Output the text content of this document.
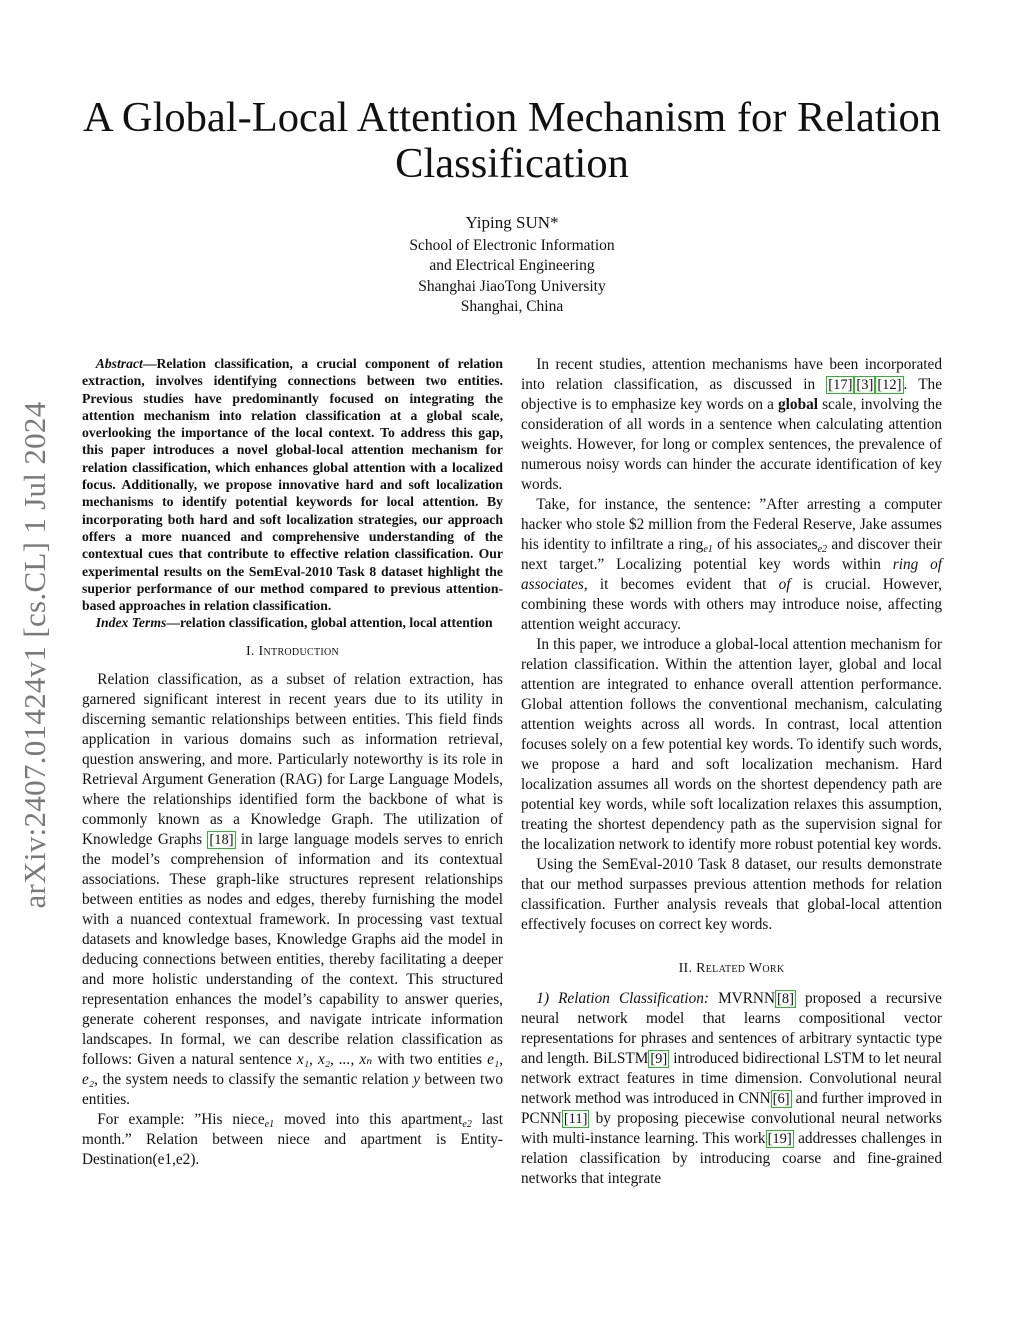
arXiv:2407.01424v1 [cs.CL] 1 Jul 2024
A Global-Local Attention Mechanism for Relation
Classification
Yiping SUN*
School of Electronic Information
and Electrical Engineering
Shanghai JiaoTong University
Shanghai, China

Abstract—Relation classification, a crucial component of relation extraction, involves identifying connections between two entities. Previous studies have predominantly focused on integrating the attention mechanism into relation classification at a global scale, overlooking the importance of the local context. To address this gap, this paper introduces a novel global-local attention mechanism for relation classification, which enhances global attention with a localized focus. Additionally, we propose innovative hard and soft localization mechanisms to identify potential keywords for local attention. By incorporating both hard and soft localization strategies, our approach offers a more nuanced and comprehensive understanding of the contextual cues that contribute to effective relation classification. Our experimental results on the SemEval-2010 Task 8 dataset highlight the superior performance of our method compared to previous attention-based approaches in relation classification.

Index Terms—relation classification, global attention, local attention

I. Introduction

Relation classification, as a subset of relation extraction, has garnered significant interest in recent years due to its utility in discerning semantic relationships between entities. This field finds application in various domains such as information retrieval, question answering, and more. Particularly noteworthy is its role in Retrieval Argument Generation (RAG) for Large Language Models, where the relationships identified form the backbone of what is commonly known as a Knowledge Graph. The utilization of Knowledge Graphs [18] in large language models serves to enrich the model’s comprehension of information and its contextual associations. These graph-like structures represent relationships between entities as nodes and edges, thereby furnishing the model with a nuanced contextual framework. In processing vast textual datasets and knowledge bases, Knowledge Graphs aid the model in deducing connections between entities, thereby facilitating a deeper and more holistic understanding of the context. This structured representation enhances the model’s capability to answer queries, generate coherent responses, and navigate intricate information landscapes. In formal, we can describe relation classification as follows: Given a natural sentence x₁, x₂, ..., xₙ with two entities e₁, e₂, the system needs to classify the semantic relation y between two entities.

For example: ”His niece$_{e1}$ moved into this apartment$_{e2}$ last month.” Relation between niece and apartment is Entity-Destination(e1,e2).

In recent studies, attention mechanisms have been incorporated into relation classification, as discussed in [17] [3] [12] . The objective is to emphasize key words on a global scale, involving the consideration of all words in a sentence when calculating attention weights. However, for long or complex sentences, the prevalence of numerous noisy words can hinder the accurate identification of key words.

Take, for instance, the sentence: ”After arresting a computer hacker who stole $2 million from the Federal Reserve, Jake assumes his identity to infiltrate a ring$_{e1}$ of his associates$_{e2}$ and discover their next target.” Localizing potential key words within ring of associates, it becomes evident that of is crucial. However, combining these words with others may introduce noise, affecting attention weight accuracy.

In this paper, we introduce a global-local attention mechanism for relation classification. Within the attention layer, global and local attention are integrated to enhance overall attention performance. Global attention follows the conventional mechanism, calculating attention weights across all words. In contrast, local attention focuses solely on a few potential key words. To identify such words, we propose a hard and soft localization mechanism. Hard localization assumes all words on the shortest dependency path are potential key words, while soft localization relaxes this assumption, treating the shortest dependency path as the supervision signal for the localization network to identify more robust potential key words.

Using the SemEval-2010 Task 8 dataset, our results demonstrate that our method surpasses previous attention methods for relation classification. Further analysis reveals that global-local attention effectively focuses on correct key words.

II. Related Work

1) Relation Classification: MVRNN [8] proposed a recursive neural network model that learns compositional vector representations for phrases and sentences of arbitrary syntactic type and length. BiLSTM [9] introduced bidirectional LSTM to let neural network extract features in time dimension. Convolutional neural network method was introduced in CNN [6] and further improved in PCNN [11] by proposing piecewise convolutional neural networks with multi-instance learning. This work [19] addresses challenges in relation classification by introducing coarse and fine-grained networks that integrate
